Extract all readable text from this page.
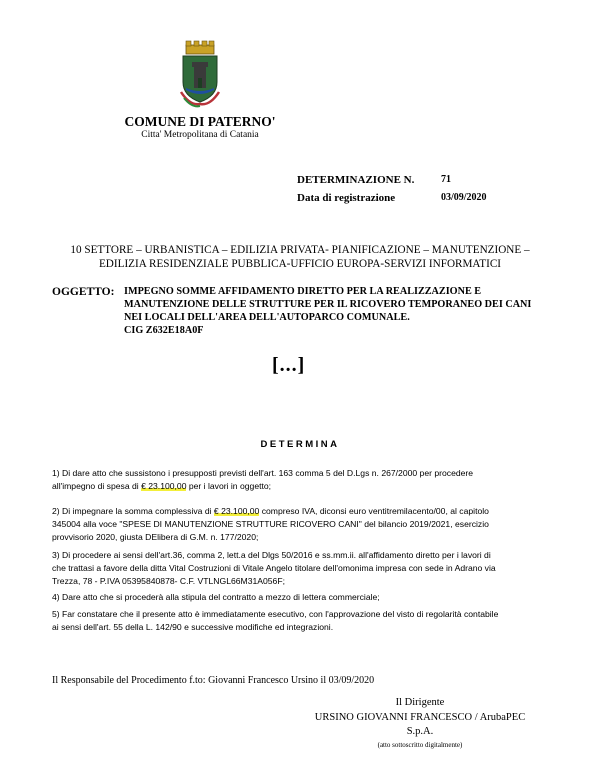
COMUNE DI PATERNO'
Citta' Metropolitana di Catania
DETERMINAZIONE N.	71
Data di registrazione	03/09/2020
10 SETTORE – URBANISTICA – EDILIZIA PRIVATA- PIANIFICAZIONE – MANUTENZIONE –
EDILIZIA RESIDENZIALE PUBBLICA-UFFICIO EUROPA-SERVIZI INFORMATICI
OGGETTO: IMPEGNO SOMME AFFIDAMENTO DIRETTO PER LA REALIZZAZIONE E
MANUTENZIONE DELLE STRUTTURE PER IL RICOVERO TEMPORANEO DEI CANI
NEI LOCALI DELL'AREA DELL'AUTOPARCO COMUNALE.
CIG Z632E18A0F
[...]
DETERMINA

1) Di dare atto che sussistono i presupposti previsti dell'art. 163 comma 5 del D.Lgs n. 267/2000 per procedere

all'impegno di spesa di € 23.100,00 per i lavori in oggetto;

2) Di impegnare la somma complessiva di € 23.100,00 compreso IVA, diconsi euro ventitremilacento/00, al capitolo

345004 alla voce "SPESE DI MANUTENZIONE STRUTTURE RICOVERO CANI" del bilancio 2019/2021, esercizio

provvisorio 2020, giusta DElibera di G.M. n. 177/2020;

3) Di procedere ai sensi dell'art.36, comma 2, lett.a del Dlgs 50/2016 e ss.mm.ii. all'affidamento diretto per i lavori di

che trattasi a favore della ditta Vital Costruzioni di Vitale Angelo titolare dell'omonima impresa con sede in Adrano via

Trezza, 78 - P.IVA 05395840878- C.F. VTLNGL66M31A056F;

4) Dare atto che si procederà alla stipula del contratto a mezzo di lettera commerciale;

5) Far constatare che il presente atto è immediatamente esecutivo, con l'approvazione del visto di regolarità contabile

ai sensi dell'art. 55 della L. 142/90 e successive modifiche ed integrazioni.

Il Responsabile del Procedimento f.to: Giovanni Francesco Ursino il 03/09/2020
Il Dirigente
URSINO GIOVANNI FRANCESCO / ArubaPEC
S.p.A.
(atto sottoscritto digitalmente)
